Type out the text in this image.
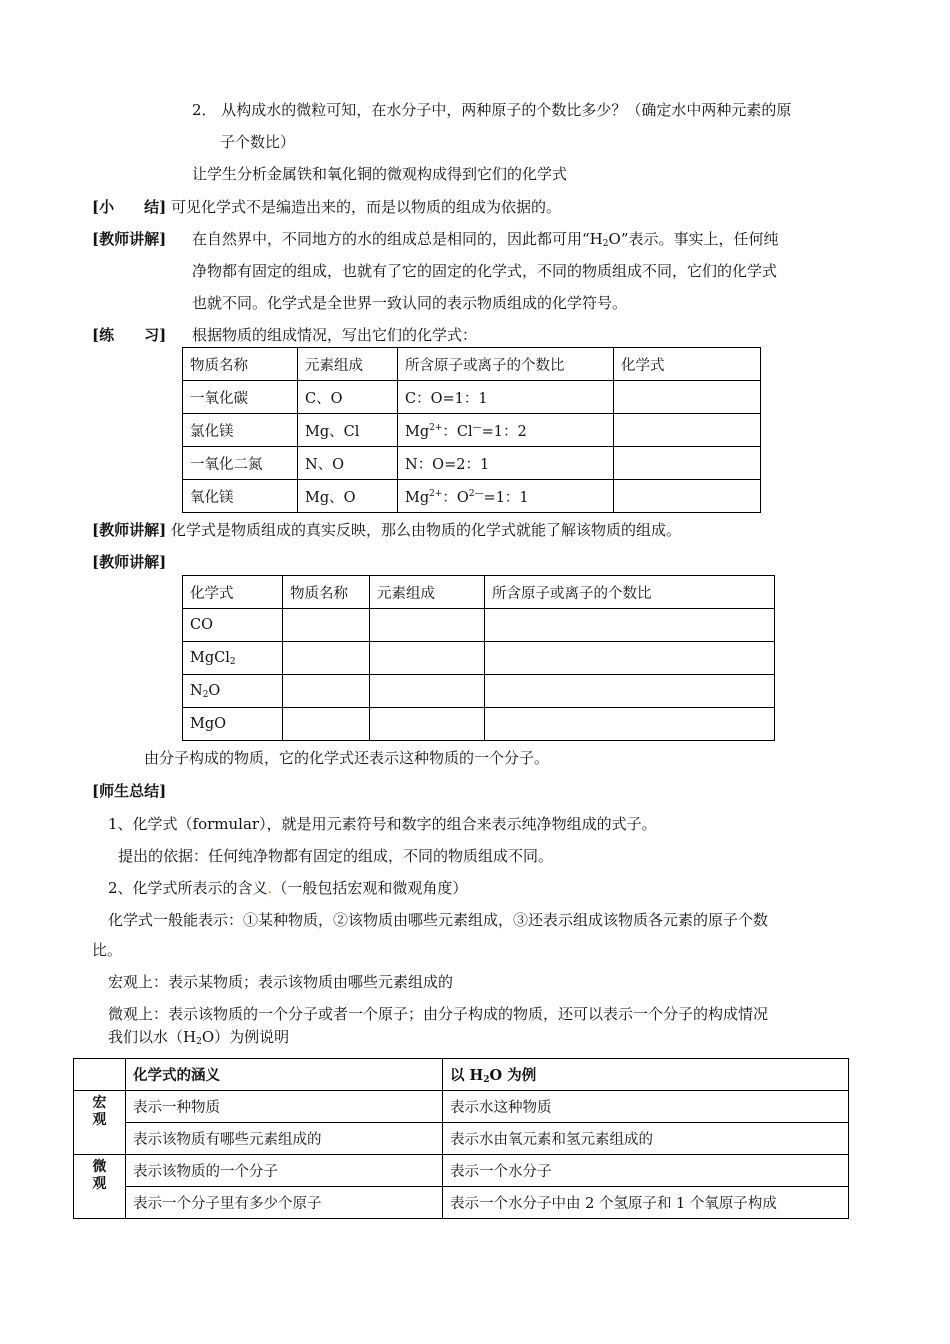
2． 从构成水的微粒可知，在水分子中，两种原子的个数比多少？（确定水中两种元素的原
子个数比）
让学生分析金属铁和氧化铜的微观构成得到它们的化学式
[小　　结] 可见化学式不是编造出来的，而是以物质的组成为依据的。
[教师讲解] 在自然界中，不同地方的水的组成总是相同的，因此都可用“$H_2O$”表示。事实上，任何纯
净物都有固定的组成，也就有了它的固定的化学式，不同的物质组成不同，它们的化学式
也就不同。化学式是全世界一致认同的表示物质组成的化学符号。
[练　　习] 根据物质的组成情况，写出它们的化学式：
物质名称	元素组成	所含原子或离子的个数比	化学式
一氧化碳	C、O	C：O=1：1	
氯化镁	Mg、Cl	$Mg^{2+}$：Cl—=1：2	
一氧化二氮	N、O	N：O=2：1	
氧化镁	Mg、O	$Mg^{2+}$：$O^{2—}=1$：1	
[教师讲解] 化学式是物质组成的真实反映，那么由物质的化学式就能了解该物质的组成。
[教师讲解]
化学式	物质名称	元素组成	所含原子或离子的个数比
CO			
MgCl$_2$			
$N_2O$			
MgO			
由分子构成的物质，它的化学式还表示这种物质的一个分子。
[师生总结]
1、化学式（formular），就是用元素符号和数字的组合来表示纯净物组成的式子。
提出的依据：任何纯净物都有固定的组成，不同的物质组成不同。
2、化学式所表示的含义.（一般包括宏观和微观角度）
化学式一般能表示：①某种物质，②该物质由哪些元素组成，③还表示组成该物质各元素的原子个数
比。
宏观上：表示某物质；表示该物质由哪些元素组成的
微观上：表示该物质的一个分子或者一个原子；由分子构成的物质，还可以表示一个分子的构成情况
我们以水$(H_2O)$为例说明
	化学式的涵义	以 $H_2O$ 为例
宏观	表示一种物质	表示水这种物质
	表示该物质有哪些元素组成的	表示水由氧元素和氢元素组成的
微观	表示该物质的一个分子	表示一个水分子
	表示一个分子里有多少个原子	表示一个水分子中由 2 个氢原子和 1 个氧原子构成
